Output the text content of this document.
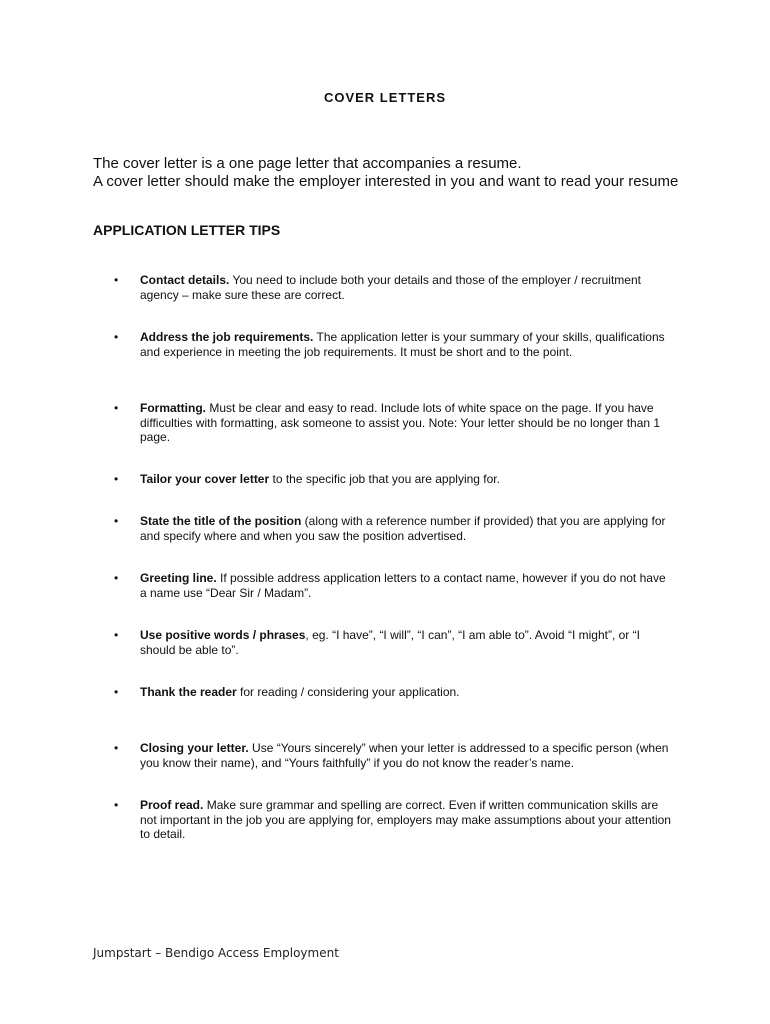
COVER LETTERS

The cover letter is a one page letter that accompanies a resume.

A cover letter should make the employer interested in you and want to read your resume

APPLICATION LETTER TIPS
• Contact details. You need to include both your details and those of the employer / recruitment agency – make sure these are correct.
• Address the job requirements. The application letter is your summary of your skills, qualifications and experience in meeting the job requirements. It must be short and to the point.
• Formatting. Must be clear and easy to read. Include lots of white space on the page. If you have difficulties with formatting, ask someone to assist you. Note: Your letter should be no longer than 1 page.
• Tailor your cover letter to the specific job that you are applying for.
• State the title of the position (along with a reference number if provided) that you are applying for and specify where and when you saw the position advertised.
• Greeting line. If possible address application letters to a contact name, however if you do not have a name use “Dear Sir / Madam”.
• Use positive words / phrases, eg. “I have”, “I will”, “I can”, “I am able to”. Avoid “I might”, or “I should be able to”.
• Thank the reader for reading / considering your application.
• Closing your letter. Use “Yours sincerely” when your letter is addressed to a specific person (when you know their name), and “Yours faithfully” if you do not know the reader’s name.
• Proof read. Make sure grammar and spelling are correct. Even if written communication skills are not important in the job you are applying for, employers may make assumptions about your attention to detail.
Jumpstart – Bendigo Access Employment
